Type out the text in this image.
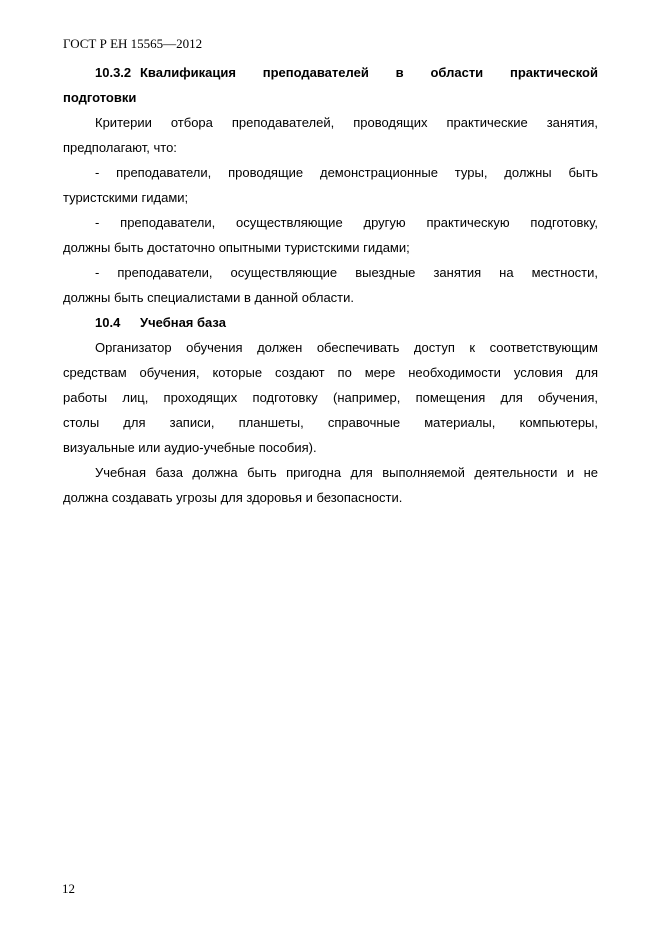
ГОСТ Р ЕН 15565—2012
10.3.2 Квалификация преподавателей в области практической
подготовки
Критерии отбора преподавателей, проводящих практические занятия,
предполагают, что:
- преподаватели, проводящие демонстрационные туры, должны быть
туристскими гидами;
- преподаватели, осуществляющие другую практическую подготовку,
должны быть достаточно опытными туристскими гидами;
- преподаватели, осуществляющие выездные занятия на местности,
должны быть специалистами в данной области.
10.4 Учебная база
Организатор обучения должен обеспечивать доступ к соответствующим
средствам обучения, которые создают по мере необходимости условия для
работы лиц, проходящих подготовку (например, помещения для обучения,
столы для записи, планшеты, справочные материалы, компьютеры,
визуальные или аудио-учебные пособия).
Учебная база должна быть пригодна для выполняемой деятельности и не
должна создавать угрозы для здоровья и безопасности.
12
